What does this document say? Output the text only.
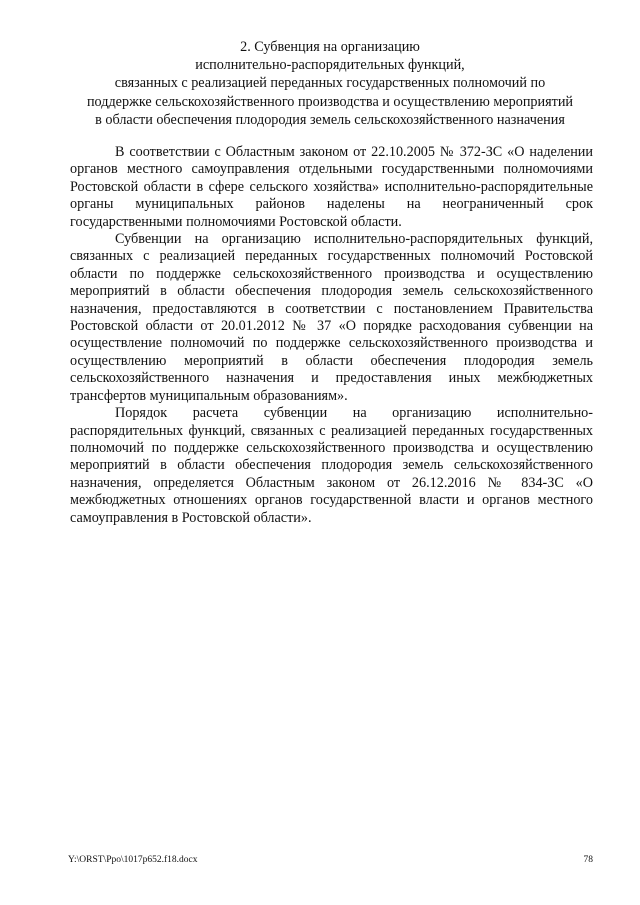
2. Субвенция на организацию
исполнительно-распорядительных функций,
связанных с реализацией переданных государственных полномочий по
поддержке сельскохозяйственного производства и осуществлению мероприятий
в области обеспечения плодородия земель сельскохозяйственного назначения

В соответствии с Областным законом от 22.10.2005 № 372-ЗС «О наделении органов местного самоуправления отдельными государственными полномочиями Ростовской области в сфере сельского хозяйства» исполнительно-распорядительные органы муниципальных районов наделены на неограниченный срок государственными полномочиями Ростовской области.

Субвенции на организацию исполнительно-распорядительных функций, связанных с реализацией переданных государственных полномочий Ростовской области по поддержке сельскохозяйственного производства и осуществлению мероприятий в области обеспечения плодородия земель сельскохозяйственного назначения, предоставляются в соответствии с постановлением Правительства Ростовской области от 20.01.2012 № 37 «О порядке расходования субвенции на осуществление полномочий по поддержке сельскохозяйственного производства и осуществлению мероприятий в области обеспечения плодородия земель сельскохозяйственного назначения и предоставления иных межбюджетных трансфертов муниципальным образованиям».

Порядок расчета субвенции на организацию исполнительно-распорядительных функций, связанных с реализацией переданных государственных полномочий по поддержке сельскохозяйственного производства и осуществлению мероприятий в области обеспечения плодородия земель сельскохозяйственного назначения, определяется Областным законом от 26.12.2016 № 834-ЗС «О межбюджетных отношениях органов государственной власти и органов местного самоуправления в Ростовской области».

Y:\ORST\Ppo\1017p652.f18.docx	78
